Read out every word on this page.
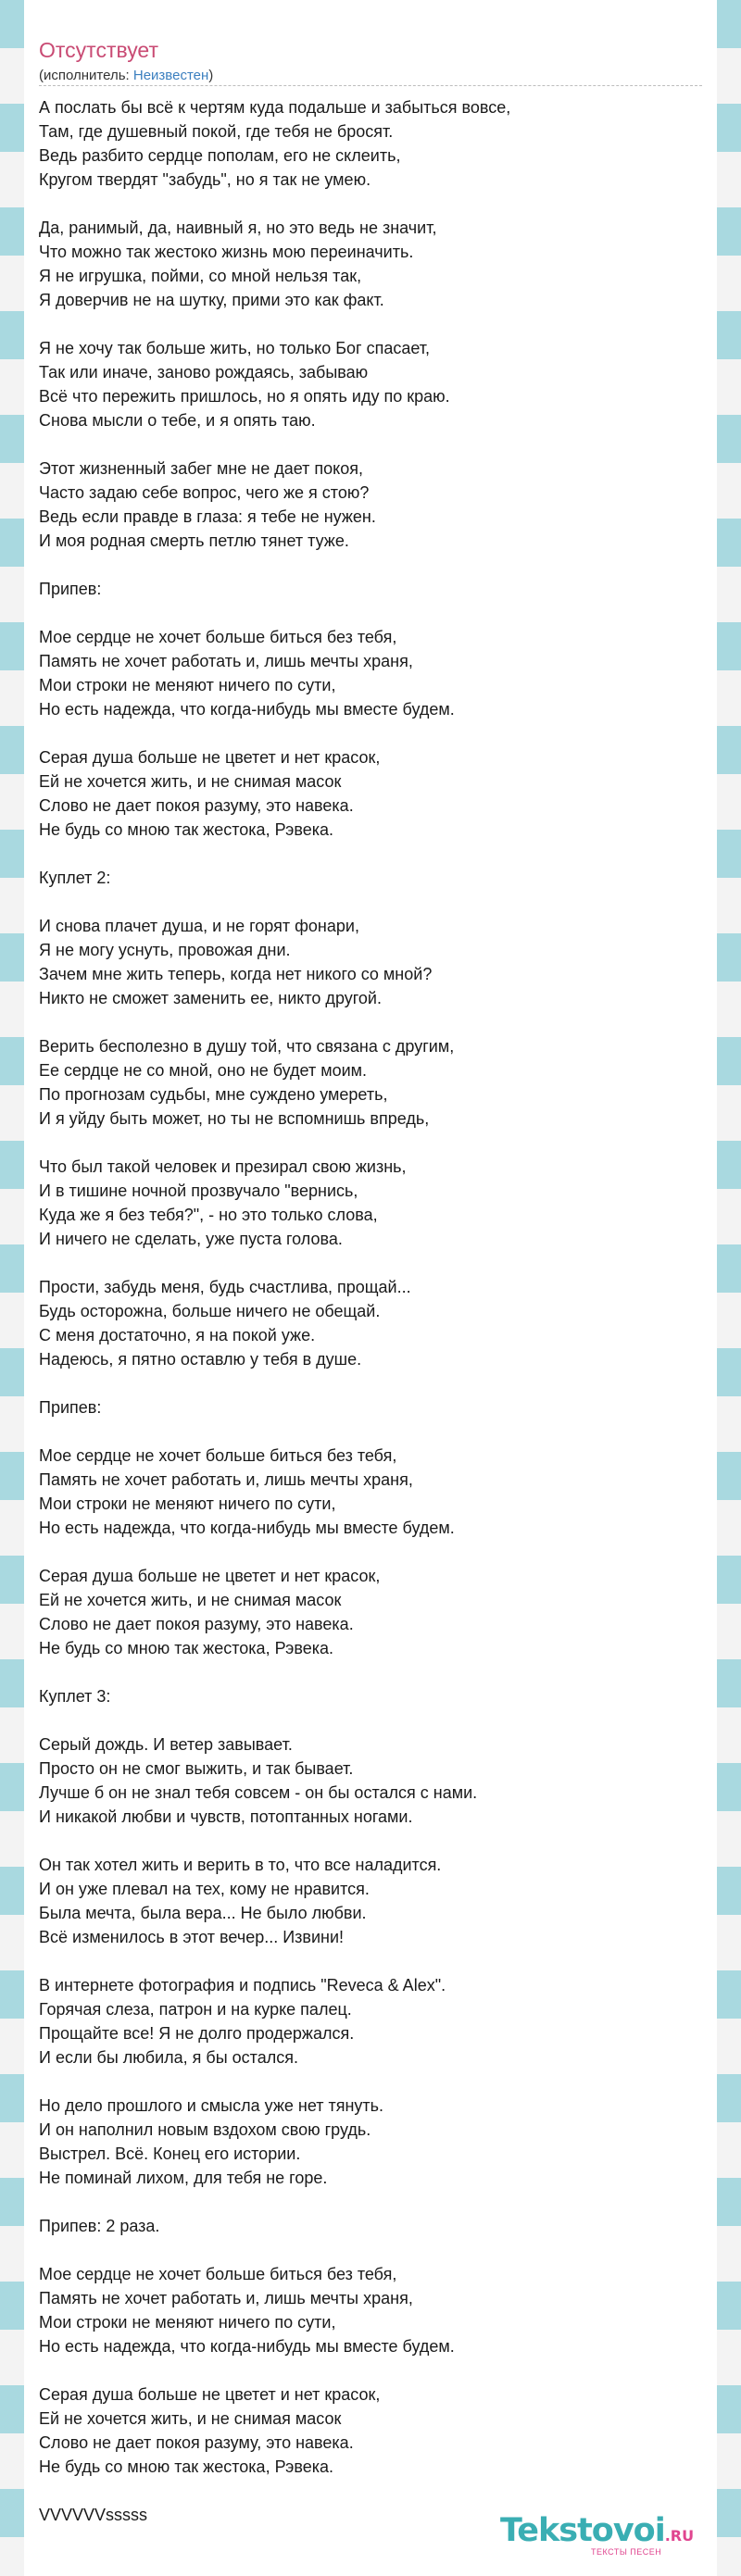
Отсутствует
(исполнитель: Неизвестен)
А послать бы всё к чертям куда подальше и забыться вовсе,
Там, где душевный покой, где тебя не бросят.
Ведь разбито сердце пополам, его не склеить,
Кругом твердят "забудь", но я так не умею.
Да, ранимый, да, наивный я, но это ведь не значит,
Что можно так жестоко жизнь мою переиначить.
Я не игрушка, пойми, со мной нельзя так,
Я доверчив не на шутку, прими это как факт.
Я не хочу так больше жить, но только Бог спасает,
Так или иначе, заново рождаясь, забываю
Всё что пережить пришлось, но я опять иду по краю.
Снова мысли о тебе, и я опять таю.
Этот жизненный забег мне не дает покоя,
Часто задаю себе вопрос, чего же я стою?
Ведь если правде в глаза: я тебе не нужен.
И моя родная смерть петлю тянет туже.
Припев:
Мое сердце не хочет больше биться без тебя,
Память не хочет работать и, лишь мечты храня,
Мои строки не меняют ничего по сути,
Но есть надежда, что когда-нибудь мы вместе будем.
Серая душа больше не цветет и нет красок,
Ей не хочется жить, и не снимая масок
Слово не дает покоя разуму, это навека.
Не будь со мною так жестока, Рэвека.
Куплет 2:
И снова плачет душа, и не горят фонари,
Я не могу уснуть, провожая дни.
Зачем мне жить теперь, когда нет никого со мной?
Никто не сможет заменить ее, никто другой.
Верить бесполезно в душу той, что связана с другим,
Ее сердце не со мной, оно не будет моим.
По прогнозам судьбы, мне суждено умереть,
И я уйду быть может, но ты не вспомнишь впредь,
Что был такой человек и презирал свою жизнь,
И в тишине ночной прозвучало "вернись,
Куда же я без тебя?", - но это только слова,
И ничего не сделать, уже пуста голова.
Прости, забудь меня, будь счастлива, прощай...
Будь осторожна, больше ничего не обещай.
С меня достаточно, я на покой уже.
Надеюсь, я пятно оставлю у тебя в душе.
Припев:
Мое сердце не хочет больше биться без тебя,
Память не хочет работать и, лишь мечты храня,
Мои строки не меняют ничего по сути,
Но есть надежда, что когда-нибудь мы вместе будем.
Серая душа больше не цветет и нет красок,
Ей не хочется жить, и не снимая масок
Слово не дает покоя разуму, это навека.
Не будь со мною так жестока, Рэвека.
Куплет 3:
Серый дождь. И ветер завывает.
Просто он не смог выжить, и так бывает.
Лучше б он не знал тебя совсем - он бы остался с нами.
И никакой любви и чувств, потоптанных ногами.
Он так хотел жить и верить в то, что все наладится.
И он уже плевал на тех, кому не нравится.
Была мечта, была вера... Не было любви.
Всё изменилось в этот вечер... Извини!
В интернете фотография и подпись "Reveca & Alex".
Горячая слеза, патрон и на курке палец.
Прощайте все! Я не долго продержался.
И если бы любила, я бы остался.
Но дело прошлого и смысла уже нет тянуть.
И он наполнил новым вздохом свою грудь.
Выстрел. Всё. Конец его истории.
Не поминай лихом, для тебя не горе.
Припев: 2 раза.
Мое сердце не хочет больше биться без тебя,
Память не хочет работать и, лишь мечты храня,
Мои строки не меняют ничего по сути,
Но есть надежда, что когда-нибудь мы вместе будем.
Серая душа больше не цветет и нет красок,
Ей не хочется жить, и не снимая масок
Слово не дает покоя разуму, это навека.
Не будь со мною так жестока, Рэвека.
VVVVVVsssss	Tekstovoi.RU
ТЕКСТЫ ПЕСЕН
